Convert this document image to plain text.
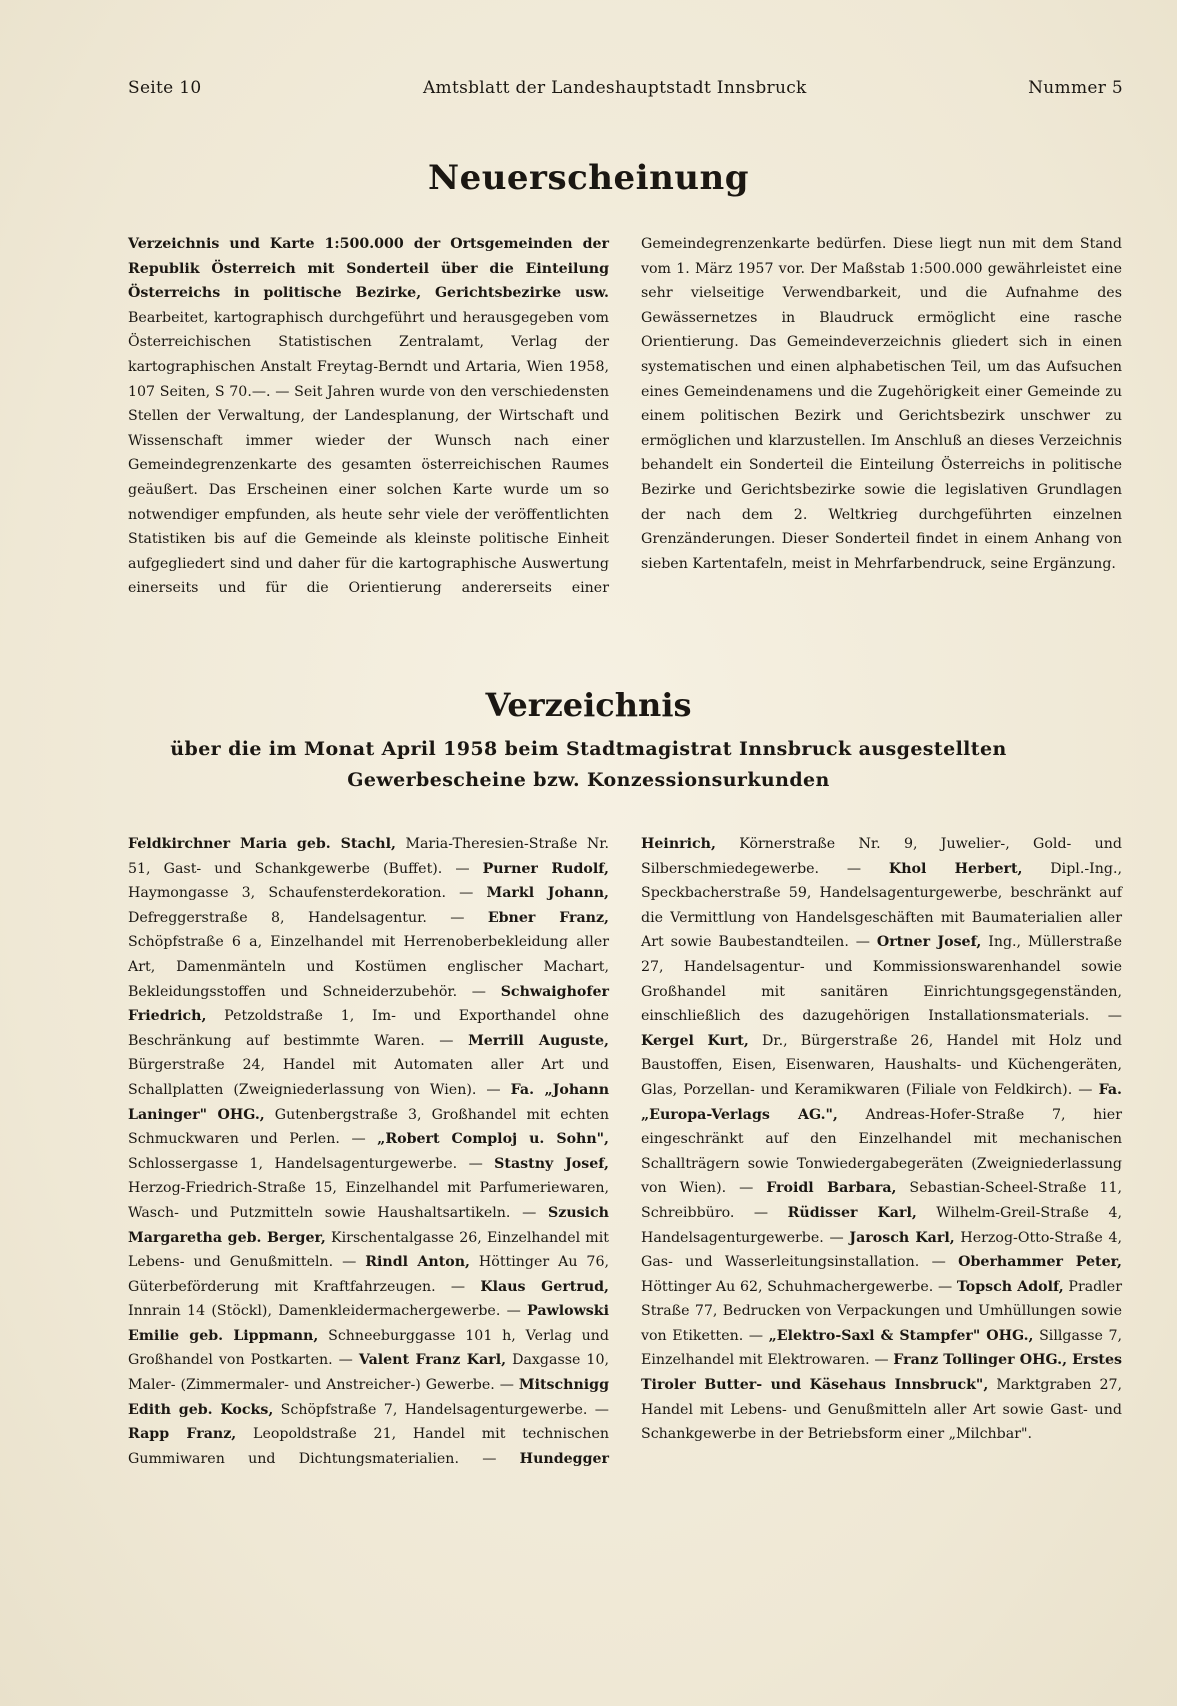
Seite 10	Amtsblatt der Landeshauptstadt Innsbruck	Nummer 5
Neuerscheinung

Verzeichnis und Karte 1:500.000 der Ortsgemeinden der Republik Österreich mit Sonderteil über die Einteilung Österreichs in politische Bezirke, Gerichtsbezirke usw. Bearbeitet, kartographisch durchgeführt und herausgegeben vom Österreichischen Statistischen Zentralamt, Verlag der kartographischen Anstalt Freytag-Berndt und Artaria, Wien 1958, 107 Seiten, S 70.—. — Seit Jahren wurde von den verschiedensten Stellen der Verwaltung, der Landesplanung, der Wirtschaft und Wissenschaft immer wieder der Wunsch nach einer Gemeindegrenzenkarte des gesamten österreichischen Raumes geäußert. Das Erscheinen einer solchen Karte wurde um so notwendiger empfunden, als heute sehr viele der veröffentlichten Statistiken bis auf die Gemeinde als kleinste politische Einheit aufgegliedert sind und daher für die kartographische Auswertung einerseits und für die Orientierung andererseits einer Gemeindegrenzenkarte bedürfen. Diese liegt nun mit dem Stand vom 1. März 1957 vor. Der Maßstab 1:500.000 gewährleistet eine sehr vielseitige Verwendbarkeit, und die Aufnahme des Gewässernetzes in Blaudruck ermöglicht eine rasche Orientierung. Das Gemeindeverzeichnis gliedert sich in einen systematischen und einen alphabetischen Teil, um das Aufsuchen eines Gemeindenamens und die Zugehörigkeit einer Gemeinde zu einem politischen Bezirk und Gerichtsbezirk unschwer zu ermöglichen und klarzustellen. Im Anschluß an dieses Verzeichnis behandelt ein Sonderteil die Einteilung Österreichs in politische Bezirke und Gerichtsbezirke sowie die legislativen Grundlagen der nach dem 2. Weltkrieg durchgeführten einzelnen Grenzänderungen. Dieser Sonderteil findet in einem Anhang von sieben Kartentafeln, meist in Mehrfarbendruck, seine Ergänzung.

Verzeichnis
über die im Monat April 1958 beim Stadtmagistrat Innsbruck ausgestellten
Gewerbescheine bzw. Konzessionsurkunden

Feldkirchner Maria geb. Stachl, Maria-Theresien-Straße Nr. 51, Gast- und Schankgewerbe (Buffet). — Purner Rudolf, Haymongasse 3, Schaufensterdekoration. — Markl Johann, Defreggerstraße 8, Handelsagentur. — Ebner Franz, Schöpfstraße 6 a, Einzelhandel mit Herrenoberbekleidung aller Art, Damenmänteln und Kostümen englischer Machart, Bekleidungsstoffen und Schneiderzubehör. — Schwaighofer Friedrich, Petzoldstraße 1, Im- und Exporthandel ohne Beschränkung auf bestimmte Waren. — Merrill Auguste, Bürgerstraße 24, Handel mit Automaten aller Art und Schallplatten (Zweigniederlassung von Wien). — Fa. „Johann Laninger" OHG., Gutenbergstraße 3, Großhandel mit echten Schmuckwaren und Perlen. — „Robert Comploj u. Sohn", Schlossergasse 1, Handelsagenturgewerbe. — Stastny Josef, Herzog-Friedrich-Straße 15, Einzelhandel mit Parfumeriewaren, Wasch- und Putzmitteln sowie Haushaltsartikeln. — Szusich Margaretha geb. Berger, Kirschentalgasse 26, Einzelhandel mit Lebens- und Genußmitteln. — Rindl Anton, Höttinger Au 76, Güterbeförderung mit Kraftfahrzeugen. — Klaus Gertrud, Innrain 14 (Stöckl), Damenkleidermachergewerbe. — Pawlowski Emilie geb. Lippmann, Schneeburggasse 101 h, Verlag und Großhandel von Postkarten. — Valent Franz Karl, Daxgasse 10, Maler- (Zimmermaler- und Anstreicher-) Gewerbe. — Mitschnigg Edith geb. Kocks, Schöpfstraße 7, Handelsagenturgewerbe. — Rapp Franz, Leopoldstraße 21, Handel mit technischen Gummiwaren und Dichtungsmaterialien. — Hundegger Heinrich, Körnerstraße Nr. 9, Juwelier-, Gold- und Silberschmiedegewerbe. — Khol Herbert, Dipl.-Ing., Speckbacherstraße 59, Handelsagenturgewerbe, beschränkt auf die Vermittlung von Handelsgeschäften mit Baumaterialien aller Art sowie Baubestandteilen. — Ortner Josef, Ing., Müllerstraße 27, Handelsagentur- und Kommissionswarenhandel sowie Großhandel mit sanitären Einrichtungsgegenständen, einschließlich des dazugehörigen Installationsmaterials. — Kergel Kurt, Dr., Bürgerstraße 26, Handel mit Holz und Baustoffen, Eisen, Eisenwaren, Haushalts- und Küchengeräten, Glas, Porzellan- und Keramikwaren (Filiale von Feldkirch). — Fa. „Europa-Verlags AG.", Andreas-Hofer-Straße 7, hier eingeschränkt auf den Einzelhandel mit mechanischen Schallträgern sowie Tonwiedergabegeräten (Zweigniederlassung von Wien). — Froidl Barbara, Sebastian-Scheel-Straße 11, Schreibbüro. — Rüdisser Karl, Wilhelm-Greil-Straße 4, Handelsagenturgewerbe. — Jarosch Karl, Herzog-Otto-Straße 4, Gas- und Wasserleitungsinstallation. — Oberhammer Peter, Höttinger Au 62, Schuhmachergewerbe. — Topsch Adolf, Pradler Straße 77, Bedrucken von Verpackungen und Umhüllungen sowie von Etiketten. — „Elektro-Saxl & Stampfer" OHG., Sillgasse 7, Einzelhandel mit Elektrowaren. — Franz Tollinger OHG., Erstes Tiroler Butter- und Käsehaus Innsbruck", Marktgraben 27, Handel mit Lebens- und Genußmitteln aller Art sowie Gast- und Schankgewerbe in der Betriebsform einer „Milchbar".
